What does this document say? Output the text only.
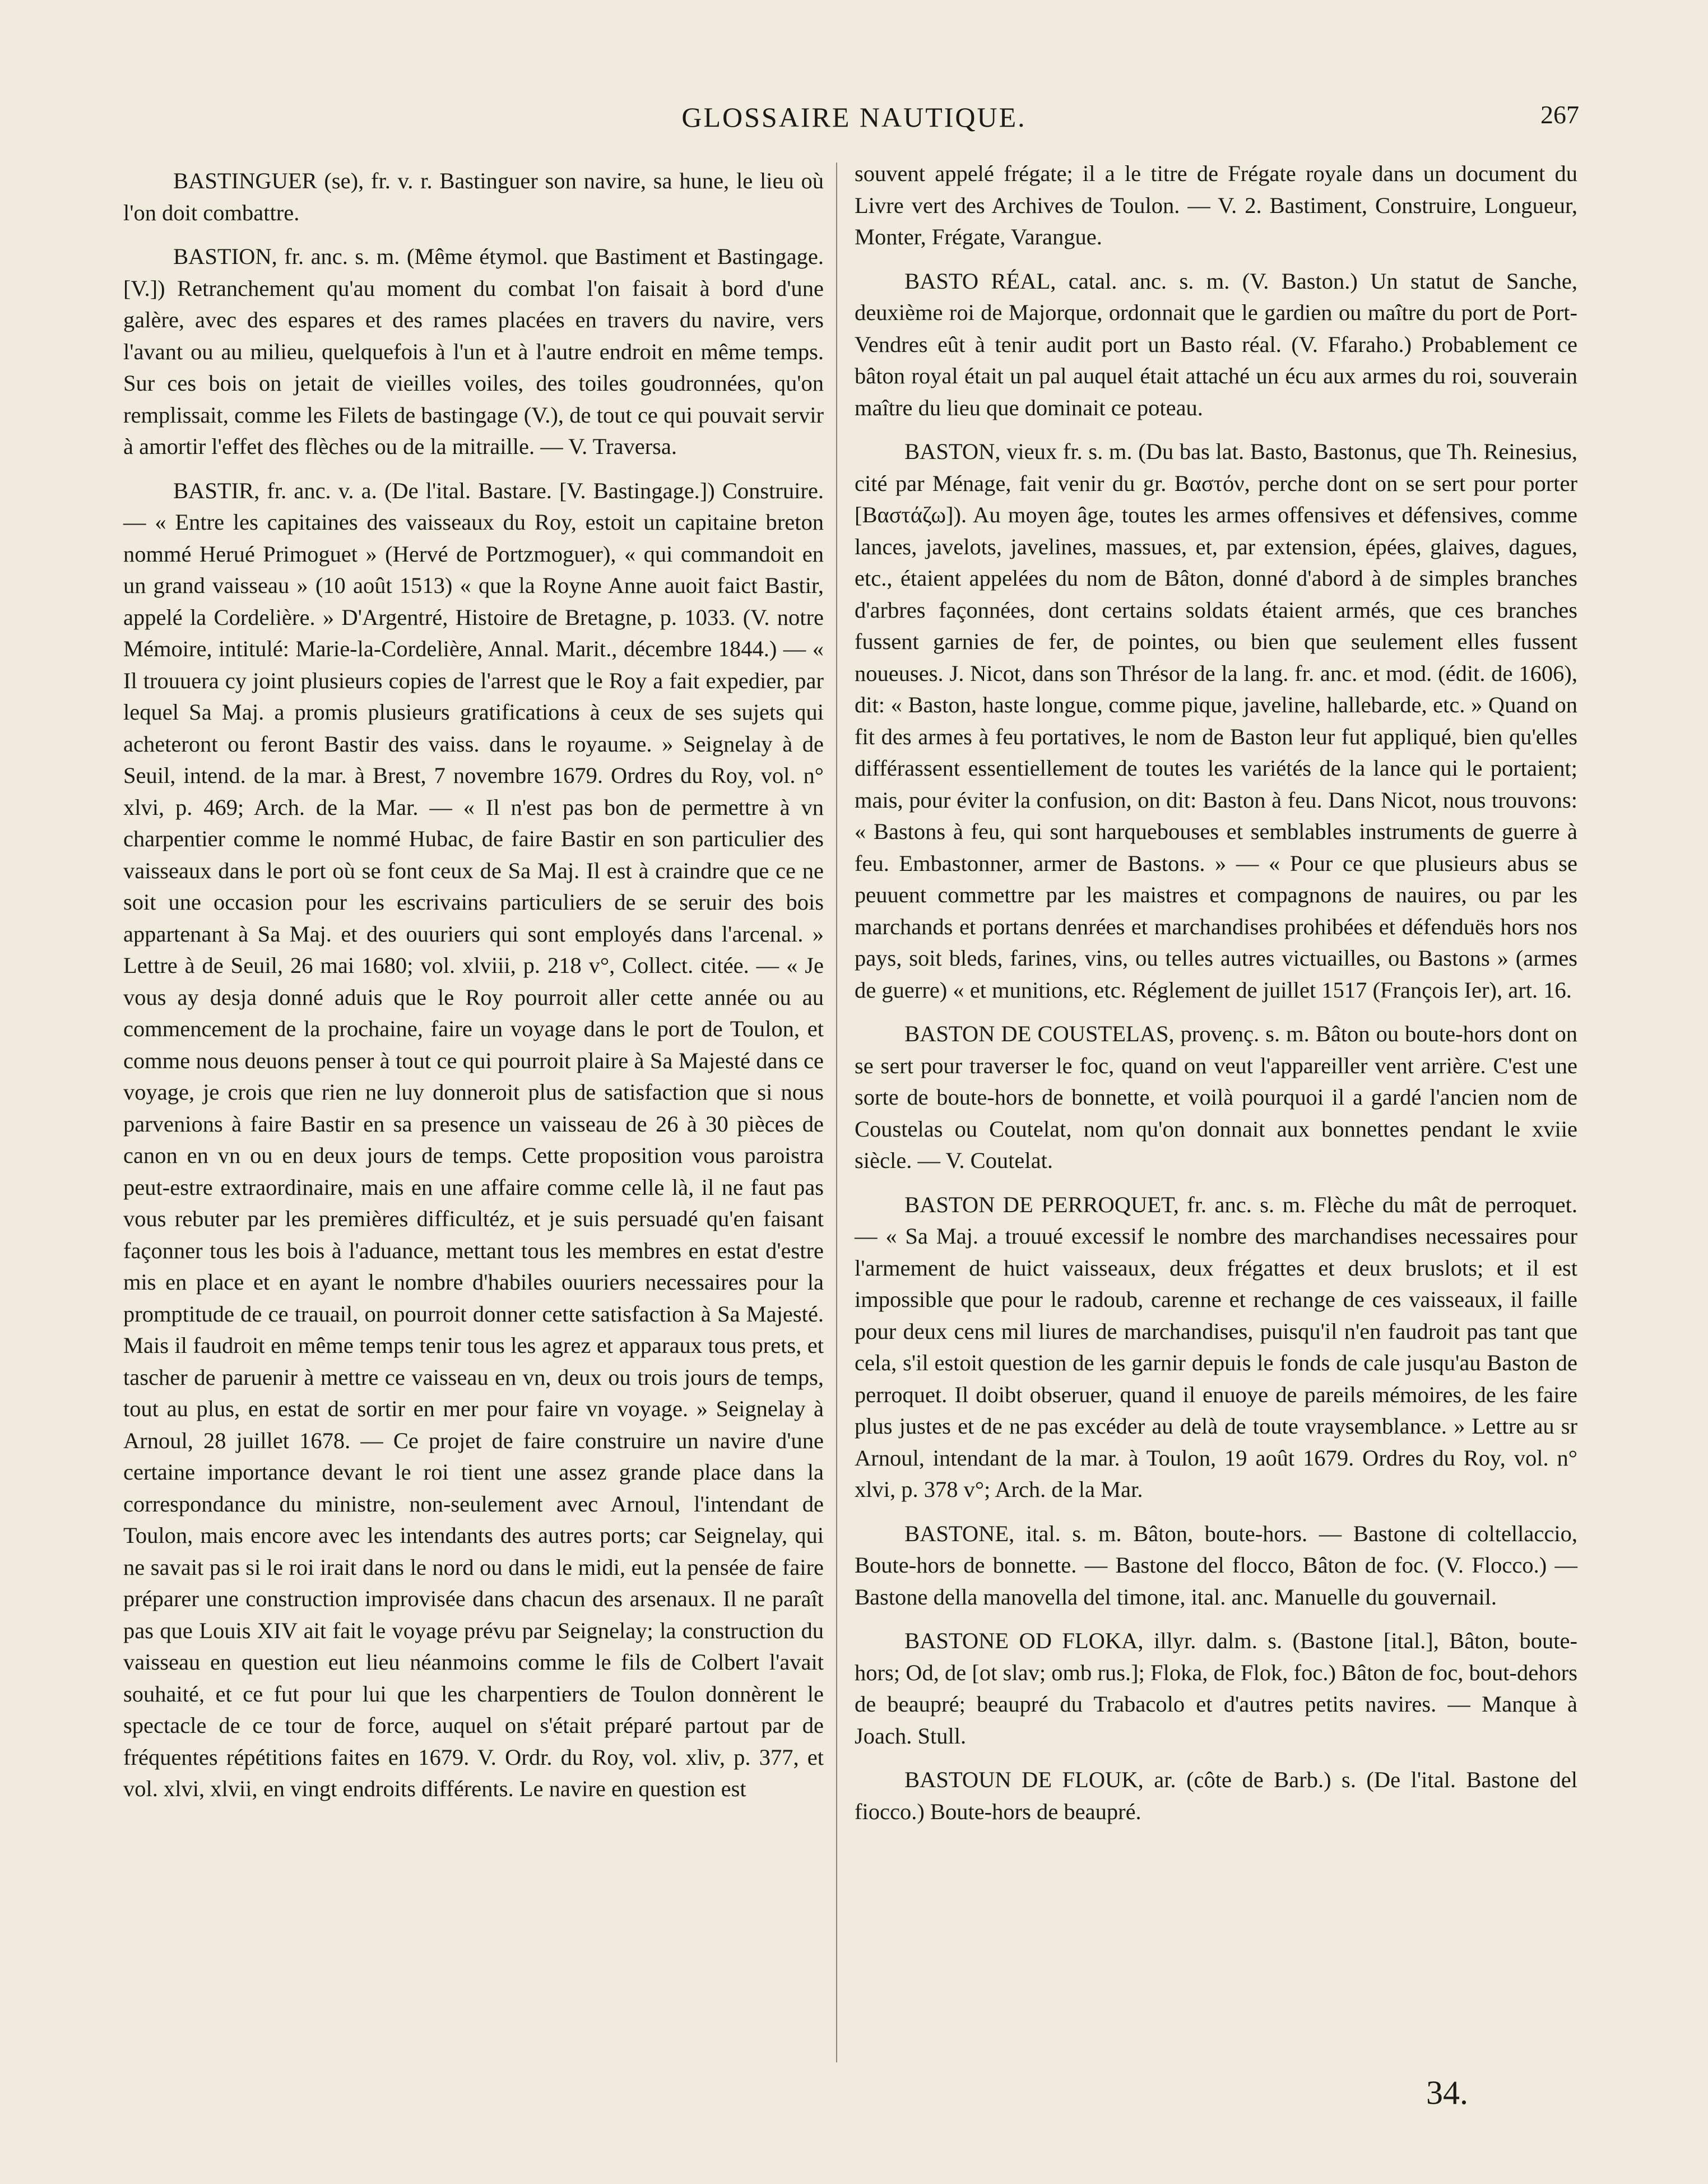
GLOSSAIRE NAUTIQUE.	267

BASTINGUER (se), fr. v. r. Bastinguer son navire, sa hune, le lieu où l'on doit combattre.

BASTION, fr. anc. s. m. (Même étymol. que Bastiment et Bastingage. [V.]) Retranchement qu'au moment du combat l'on faisait à bord d'une galère, avec des espares et des rames placées en travers du navire, vers l'avant ou au milieu, quelquefois à l'un et à l'autre endroit en même temps. Sur ces bois on jetait de vieilles voiles, des toiles goudronnées, qu'on remplissait, comme les Filets de bastingage (V.), de tout ce qui pouvait servir à amortir l'effet des flèches ou de la mitraille. — V. Traversa.

BASTIR, fr. anc. v. a. (De l'ital. Bastare. [V. Bastingage.]) Construire. — « Entre les capitaines des vaisseaux du Roy, estoit un capitaine breton nommé Herué Primoguet » (Hervé de Portzmoguer), « qui commandoit en un grand vaisseau » (10 août 1513) « que la Royne Anne auoit faict Bastir, appelé la Cordelière. » D'Argentré, Histoire de Bretagne, p. 1033. (V. notre Mémoire, intitulé: Marie-la-Cordelière, Annal. Marit., décembre 1844.) — « Il trouuera cy joint plusieurs copies de l'arrest que le Roy a fait expedier, par lequel Sa Maj. a promis plusieurs gratifications à ceux de ses sujets qui acheteront ou feront Bastir des vaiss. dans le royaume. » Seignelay à de Seuil, intend. de la mar. à Brest, 7 novembre 1679. Ordres du Roy, vol. n° xlvi, p. 469; Arch. de la Mar. — « Il n'est pas bon de permettre à vn charpentier comme le nommé Hubac, de faire Bastir en son particulier des vaisseaux dans le port où se font ceux de Sa Maj. Il est à craindre que ce ne soit une occasion pour les escrivains particuliers de se seruir des bois appartenant à Sa Maj. et des ouuriers qui sont employés dans l'arcenal. » Lettre à de Seuil, 26 mai 1680; vol. xlviii, p. 218 v°, Collect. citée. — « Je vous ay desja donné aduis que le Roy pourroit aller cette année ou au commencement de la prochaine, faire un voyage dans le port de Toulon, et comme nous deuons penser à tout ce qui pourroit plaire à Sa Majesté dans ce voyage, je crois que rien ne luy donneroit plus de satisfaction que si nous parvenions à faire Bastir en sa presence un vaisseau de 26 à 30 pièces de canon en vn ou en deux jours de temps. Cette proposition vous paroistra peut-estre extraordinaire, mais en une affaire comme celle là, il ne faut pas vous rebuter par les premières difficultéz, et je suis persuadé qu'en faisant façonner tous les bois à l'aduance, mettant tous les membres en estat d'estre mis en place et en ayant le nombre d'habiles ouuriers necessaires pour la promptitude de ce trauail, on pourroit donner cette satisfaction à Sa Majesté. Mais il faudroit en même temps tenir tous les agrez et apparaux tous prets, et tascher de paruenir à mettre ce vaisseau en vn, deux ou trois jours de temps, tout au plus, en estat de sortir en mer pour faire vn voyage. » Seignelay à Arnoul, 28 juillet 1678. — Ce projet de faire construire un navire d'une certaine importance devant le roi tient une assez grande place dans la correspondance du ministre, non-seulement avec Arnoul, l'intendant de Toulon, mais encore avec les intendants des autres ports; car Seignelay, qui ne savait pas si le roi irait dans le nord ou dans le midi, eut la pensée de faire préparer une construction improvisée dans chacun des arsenaux. Il ne paraît pas que Louis XIV ait fait le voyage prévu par Seignelay; la construction du vaisseau en question eut lieu néanmoins comme le fils de Colbert l'avait souhaité, et ce fut pour lui que les charpentiers de Toulon donnèrent le spectacle de ce tour de force, auquel on s'était préparé partout par de fréquentes répétitions faites en 1679. V. Ordr. du Roy, vol. xliv, p. 377, et vol. xlvi, xlvii, en vingt endroits différents. Le navire en question est

souvent appelé frégate; il a le titre de Frégate royale dans un document du Livre vert des Archives de Toulon. — V. 2. Bastiment, Construire, Longueur, Monter, Frégate, Varangue.

BASTO RÉAL, catal. anc. s. m. (V. Baston.) Un statut de Sanche, deuxième roi de Majorque, ordonnait que le gardien ou maître du port de Port-Vendres eût à tenir audit port un Basto réal. (V. Ffaraho.) Probablement ce bâton royal était un pal auquel était attaché un écu aux armes du roi, souverain maître du lieu que dominait ce poteau.

BASTON, vieux fr. s. m. (Du bas lat. Basto, Bastonus, que Th. Reinesius, cité par Ménage, fait venir du gr. Βαστόν, perche dont on se sert pour porter [Βαστάζω]). Au moyen âge, toutes les armes offensives et défensives, comme lances, javelots, javelines, massues, et, par extension, épées, glaives, dagues, etc., étaient appelées du nom de Bâton, donné d'abord à de simples branches d'arbres façonnées, dont certains soldats étaient armés, que ces branches fussent garnies de fer, de pointes, ou bien que seulement elles fussent noueuses. J. Nicot, dans son Thrésor de la lang. fr. anc. et mod. (édit. de 1606), dit: « Baston, haste longue, comme pique, javeline, hallebarde, etc. » Quand on fit des armes à feu portatives, le nom de Baston leur fut appliqué, bien qu'elles différassent essentiellement de toutes les variétés de la lance qui le portaient; mais, pour éviter la confusion, on dit: Baston à feu. Dans Nicot, nous trouvons: « Bastons à feu, qui sont harquebouses et semblables instruments de guerre à feu. Embastonner, armer de Bastons. » — « Pour ce que plusieurs abus se peuuent commettre par les maistres et compagnons de nauires, ou par les marchands et portans denrées et marchandises prohibées et défenduës hors nos pays, soit bleds, farines, vins, ou telles autres victuailles, ou Bastons » (armes de guerre) « et munitions, etc. Réglement de juillet 1517 (François Ier), art. 16.

BASTON DE COUSTELAS, provenç. s. m. Bâton ou boute-hors dont on se sert pour traverser le foc, quand on veut l'appareiller vent arrière. C'est une sorte de boute-hors de bonnette, et voilà pourquoi il a gardé l'ancien nom de Coustelas ou Coutelat, nom qu'on donnait aux bonnettes pendant le xviie siècle. — V. Coutelat.

BASTON DE PERROQUET, fr. anc. s. m. Flèche du mât de perroquet. — « Sa Maj. a trouué excessif le nombre des marchandises necessaires pour l'armement de huict vaisseaux, deux frégattes et deux bruslots; et il est impossible que pour le radoub, carenne et rechange de ces vaisseaux, il faille pour deux cens mil liures de marchandises, puisqu'il n'en faudroit pas tant que cela, s'il estoit question de les garnir depuis le fonds de cale jusqu'au Baston de perroquet. Il doibt obseruer, quand il enuoye de pareils mémoires, de les faire plus justes et de ne pas excéder au delà de toute vraysemblance. » Lettre au sr Arnoul, intendant de la mar. à Toulon, 19 août 1679. Ordres du Roy, vol. n° xlvi, p. 378 v°; Arch. de la Mar.

BASTONE, ital. s. m. Bâton, boute-hors. — Bastone di coltellaccio, Boute-hors de bonnette. — Bastone del flocco, Bâton de foc. (V. Flocco.) — Bastone della manovella del timone, ital. anc. Manuelle du gouvernail.

BASTONE OD FLOKA, illyr. dalm. s. (Bastone [ital.], Bâton, boute-hors; Od, de [ot slav; omb rus.]; Floka, de Flok, foc.) Bâton de foc, bout-dehors de beaupré; beaupré du Trabacolo et d'autres petits navires. — Manque à Joach. Stull.

BASTOUN DE FLOUK, ar. (côte de Barb.) s. (De l'ital. Bastone del fiocco.) Boute-hors de beaupré.

34.
